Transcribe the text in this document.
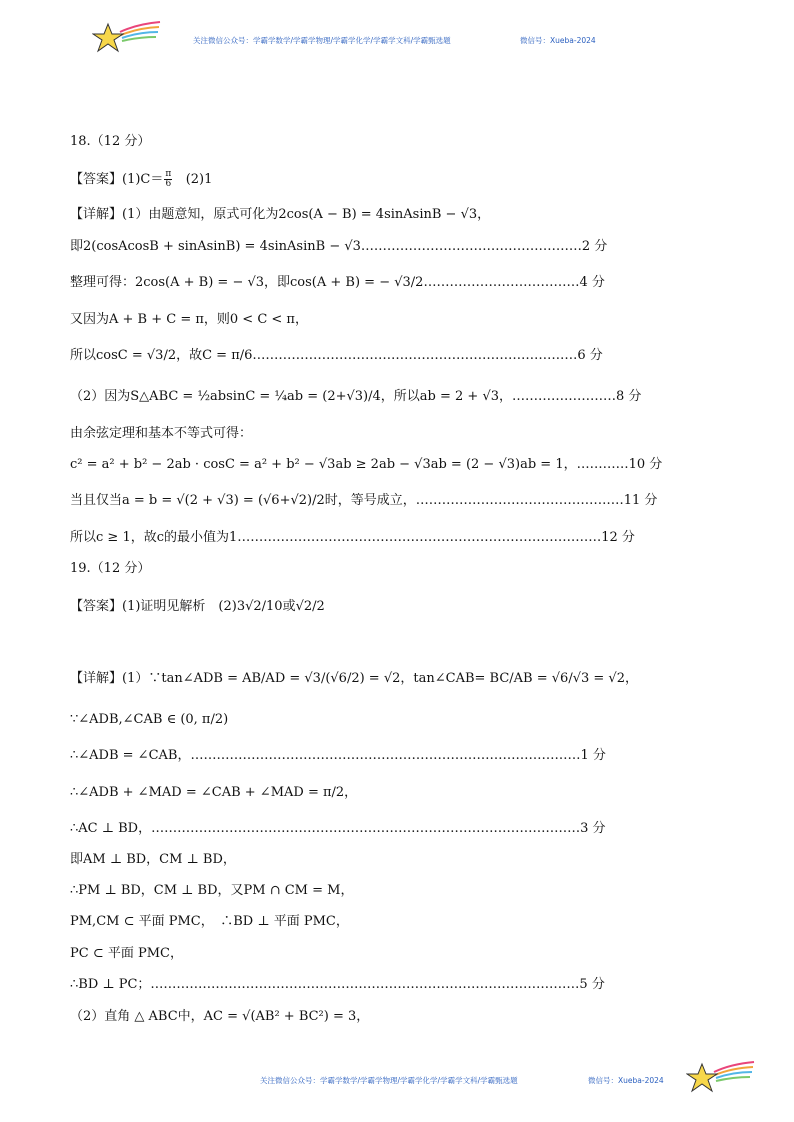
关注微信公众号：学霸学数学/学霸学物理/学霸学化学/学霸学文科/学霸甄选题	微信号：Xueba-2024
18.（12 分）
【答案】$(1)C= \frac{\pi}{6} (2)1$
【详解】(1）由题意知，原式可化为2cos(A − B) = 4sinAsinB − √3，
即2(cosAcosB + sinAsinB) = 4sinAsinB − √3……………………………………………2 分
整理可得：2cos(A + B) = − √3，即cos(A + B) = − √3/2………………………………4 分
又因为A + B + C = π，则0 < C < π，
所以cosC = √3/2，故C = π/6…………………………………………………………………6 分
（2）因为S△ABC = ½absinC = ¼ab = (2+√3)/4，所以ab = 2 + √3，……………………8 分
由余弦定理和基本不等式可得：
c² = a² + b² − 2ab · cosC = a² + b² − √3ab ≥ 2ab − √3ab = (2 − √3)ab = 1，…………10 分
当且仅当a = b = √(2 + √3) = (√6+√2)/2时，等号成立，…………………………………………11 分
所以c ≥ 1，故c的最小值为1…………………………………………………………………………12 分
19.（12 分）
【答案】(1)证明见解析　(2)3√2/10或√2/2
【详解】(1）∵tan∠ADB = AB/AD = √3/(√6/2) = √2，tan∠CAB= BC/AB = √6/√3 = √2，
∵∠ADB,∠CAB ∈ (0, π/2)
∴∠ADB = ∠CAB，………………………………………………………………………………1 分
∴∠ADB + ∠MAD = ∠CAB + ∠MAD = π/2，
∴AC ⊥ BD，………………………………………………………………………………………3 分
即AM ⊥ BD，CM ⊥ BD，
∴PM ⊥ BD，CM ⊥ BD，又PM ∩ CM = M，
PM,CM ⊂ 平面 PMC，　∴BD ⊥ 平面 PMC，
PC ⊂ 平面 PMC，
∴BD ⊥ PC；………………………………………………………………………………………5 分
（2）直角 △ ABC中，AC = √(AB² + BC²) = 3，
关注微信公众号：学霸学数学/学霸学物理/学霸学化学/学霸学文科/学霸甄选题	微信号：Xueba-2024
